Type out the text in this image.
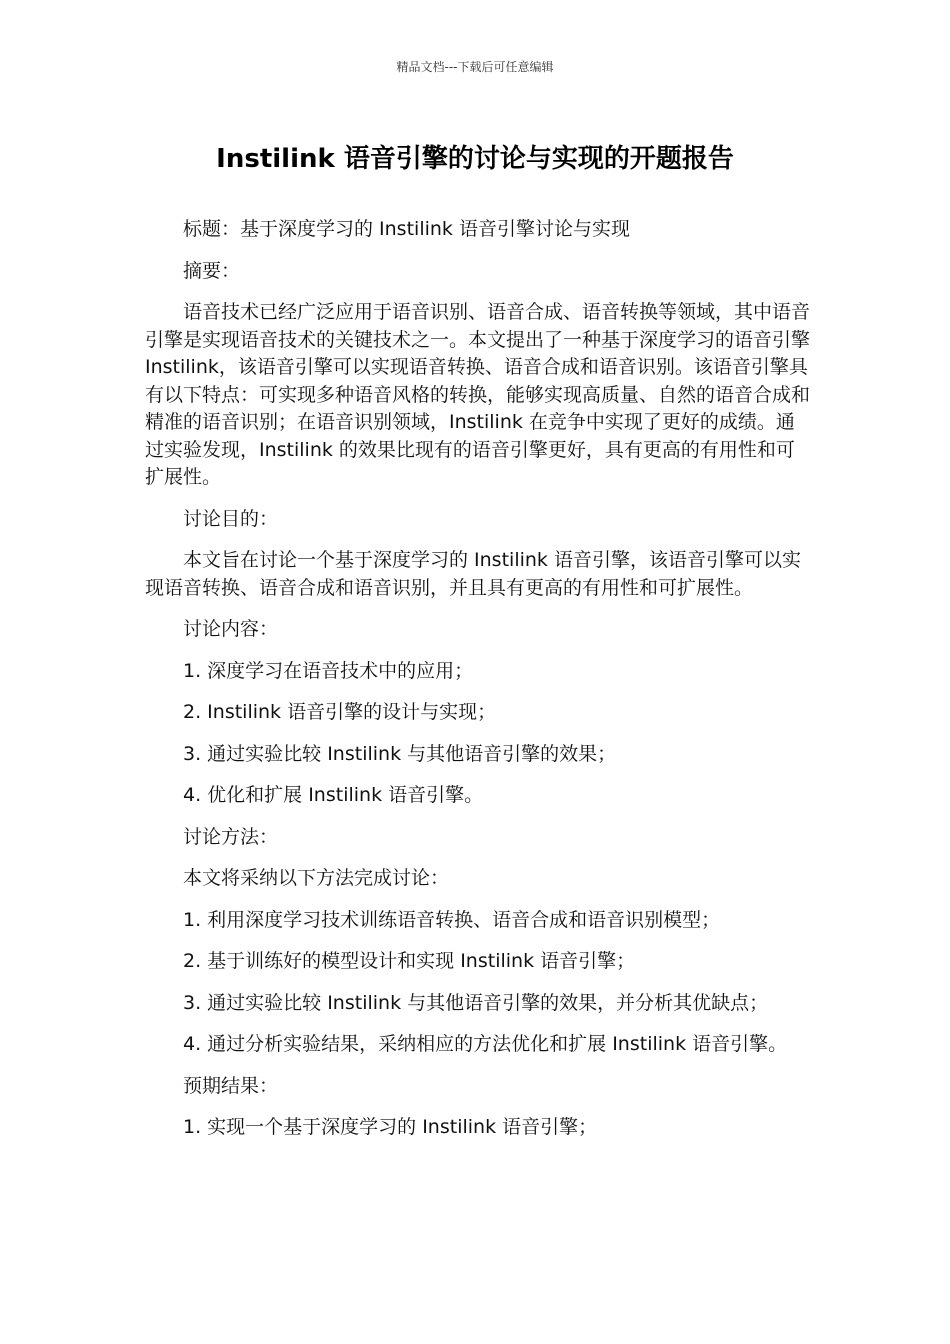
精品文档---下载后可任意编辑
Instilink 语音引擎的讨论与实现的开题报告

标题：基于深度学习的 Instilink 语音引擎讨论与实现

摘要：

语音技术已经广泛应用于语音识别、语音合成、语音转换等领域，其中语音引擎是实现语音技术的关键技术之一。本文提出了一种基于深度学习的语音引擎 Instilink，该语音引擎可以实现语音转换、语音合成和语音识别。该语音引擎具有以下特点：可实现多种语音风格的转换，能够实现高质量、自然的语音合成和精准的语音识别；在语音识别领域，Instilink 在竞争中实现了更好的成绩。通过实验发现，Instilink 的效果比现有的语音引擎更好，具有更高的有用性和可扩展性。

讨论目的：

本文旨在讨论一个基于深度学习的 Instilink 语音引擎，该语音引擎可以实现语音转换、语音合成和语音识别，并且具有更高的有用性和可扩展性。

讨论内容：

1. 深度学习在语音技术中的应用；

2. Instilink 语音引擎的设计与实现；

3. 通过实验比较 Instilink 与其他语音引擎的效果；

4. 优化和扩展 Instilink 语音引擎。

讨论方法：

本文将采纳以下方法完成讨论：

1. 利用深度学习技术训练语音转换、语音合成和语音识别模型；

2. 基于训练好的模型设计和实现 Instilink 语音引擎；

3. 通过实验比较 Instilink 与其他语音引擎的效果，并分析其优缺点；

4. 通过分析实验结果，采纳相应的方法优化和扩展 Instilink 语音引擎。

预期结果：

1. 实现一个基于深度学习的 Instilink 语音引擎；
